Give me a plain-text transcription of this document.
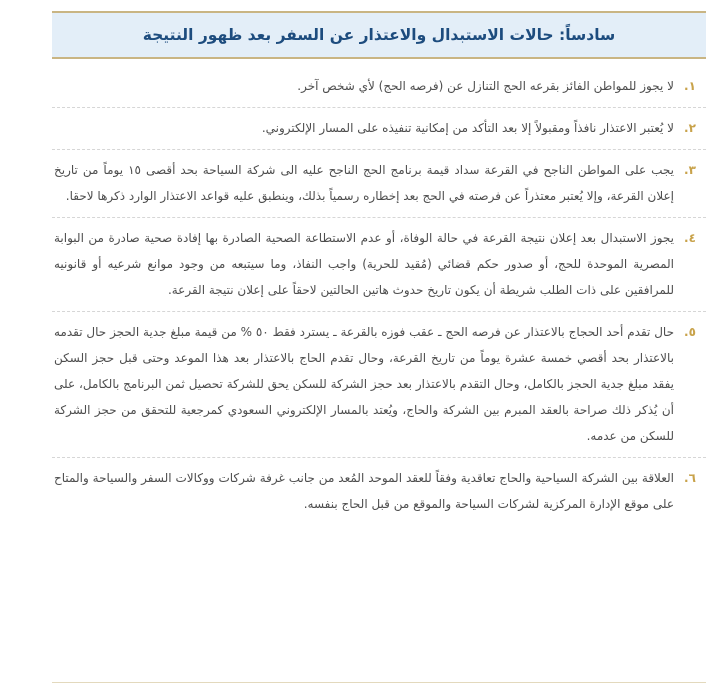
سادساً: حالات الاستبدال والاعتذار عن السفر بعد ظهور النتيجة
١.
لا يجوز للمواطن الفائز بقرعه الحج التنازل عن (فرصه الحج) لأي شخص آخر.
٢.
لا يُعتبر الاعتذار نافذاً ومقبولاً إلا بعد التأكد من إمكانية تنفيذه على المسار الإلكتروني.
٣.
يجب على المواطن الناجح في القرعة سداد قيمة برنامج الحج الناجح عليه الى شركة السياحة بحد أقصى ١٥ يوماً من تاريخ إعلان القرعة، وإلا يُعتبر معتذراً عن فرصته في الحج بعد إخطاره رسمياً بذلك، وينطبق عليه قواعد الاعتذار الوارد ذكرها لاحقا.
٤.
يجوز الاستبدال بعد إعلان نتيجة القرعة في حالة الوفاة، أو عدم الاستطاعة الصحية الصادرة بها إفادة صحية صادرة من البوابة المصرية الموحدة للحج، أو صدور حكم قضائي (مُقيد للحرية) واجب النفاذ، وما سيتبعه من وجود موانع شرعيه أو قانونيه للمرافقين على ذات الطلب شريطة أن يكون تاريخ حدوث هاتين الحالتين لاحقاً على إعلان نتيجة القرعة.
٥.
حال تقدم أحد الحجاج بالاعتذار عن فرصه الحج ـ عقب فوزه بالقرعة ـ يسترد فقط ٥٠ % من قيمة مبلغ جدية الحجز حال تقدمه بالاعتذار بحد أقصي خمسة عشرة يوماً من تاريخ القرعة، وحال تقدم الحاج بالاعتذار بعد هذا الموعد وحتى قبل حجز السكن يفقد مبلغ جدية الحجز بالكامل، وحال التقدم بالاعتذار بعد حجز الشركة للسكن يحق للشركة تحصيل ثمن البرنامج بالكامل، على أن يُذكر ذلك صراحة بالعقد المبرم بين الشركة والحاج، ويُعتد بالمسار الإلكتروني السعودي كمرجعية للتحقق من حجز الشركة للسكن من عدمه.
٦.
العلاقة بين الشركة السياحية والحاج تعاقدية وفقاً للعقد الموحد المُعد من جانب غرفة شركات ووكالات السفر والسياحة والمتاح على موقع الإدارة المركزية لشركات السياحة والموقع من قبل الحاج بنفسه.
